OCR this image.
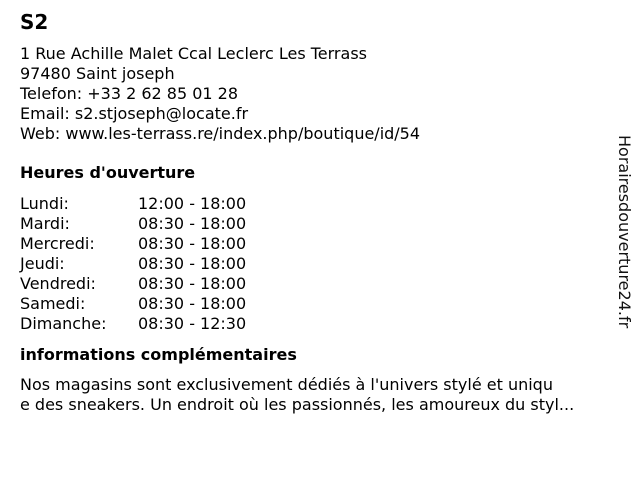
S2
1 Rue Achille Malet Ccal Leclerc Les Terrass
97480 Saint joseph
Telefon: +33 2 62 85 01 28
Email: s2.stjoseph@locate.fr
Web: www.les-terrass.re/index.php/boutique/id/54
Heures d'ouverture
Lundi:	12:00 - 18:00
Mardi:	08:30 - 18:00
Mercredi:	08:30 - 18:00
Jeudi:	08:30 - 18:00
Vendredi:	08:30 - 18:00
Samedi:	08:30 - 18:00
Dimanche:	08:30 - 12:30
informations complémentaires
Nos magasins sont exclusivement dédiés à l'univers stylé et uniqu
e des sneakers. Un endroit où les passionnés, les amoureux du styl...
Horairesdouverture24.fr
